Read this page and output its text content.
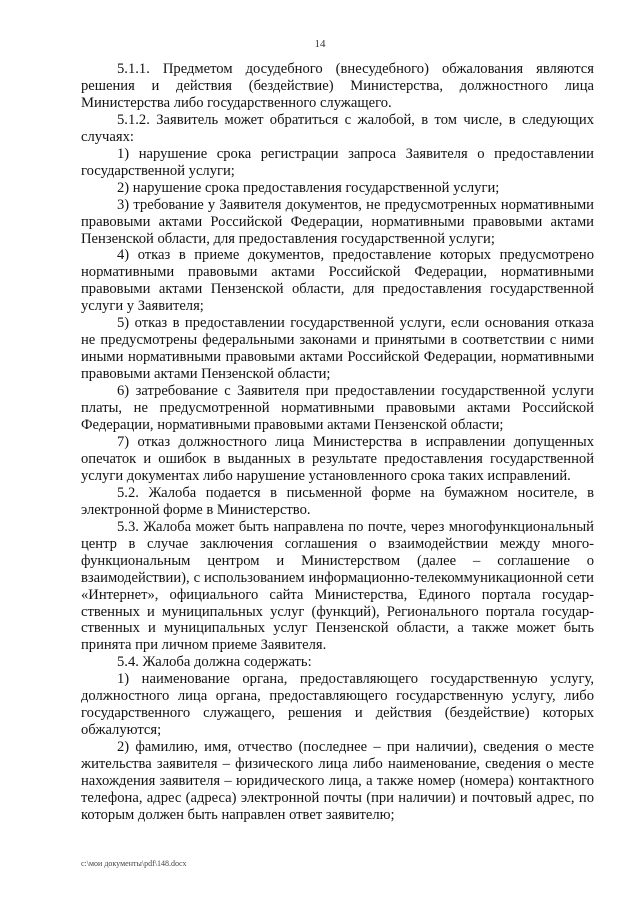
14

5.1.1. Предметом досудебного (внесудебного) обжалования являются решения и действия (бездействие) Министерства, должностного лица Министерства либо государственного служащего.

5.1.2. Заявитель может обратиться с жалобой, в том числе, в следующих случаях:

1) нарушение срока регистрации запроса Заявителя о предоставлении государственной услуги;

2) нарушение срока предоставления государственной услуги;

3) требование у Заявителя документов, не предусмотренных нормативными правовыми актами Российской Федерации, нормативными правовыми актами Пензенской области, для предоставления государственной услуги;

4) отказ в приеме документов, предоставление которых предусмотрено нормативными правовыми актами Российской Федерации, нормативными правовыми актами Пензенской области, для предоставления государственной услуги у Заявителя;

5) отказ в предоставлении государственной услуги, если основания отказа не предусмотрены федеральными законами и принятыми в соответствии с ними иными нормативными правовыми актами Российской Федерации, нормативными правовыми актами Пензенской области;

6) затребование с Заявителя при предоставлении государственной услуги платы, не предусмотренной нормативными правовыми актами Российской Федерации, нормативными правовыми актами Пензенской области;

7) отказ должностного лица Министерства в исправлении допущенных опечаток и ошибок в выданных в результате предоставления государственной услуги документах либо нарушение установленного срока таких исправлений.

5.2. Жалоба подается в письменной форме на бумажном носителе, в электронной форме в Министерство.

5.3. Жалоба может быть направлена по почте, через многофункциональный центр в случае заключения соглашения о взаимодействии между много-функциональным центром и Министерством (далее – соглашение о взаимодействии), с использованием информационно-телекоммуникационной сети «Интернет», официального сайта Министерства, Единого портала государ-ственных и муниципальных услуг (функций), Регионального портала государ-ственных и муниципальных услуг Пензенской области, а также может быть принята при личном приеме Заявителя.

5.4. Жалоба должна содержать:

1) наименование органа, предоставляющего государственную услугу, должностного лица органа, предоставляющего государственную услугу, либо государственного служащего, решения и действия (бездействие) которых обжалуются;

2) фамилию, имя, отчество (последнее – при наличии), сведения о месте жительства заявителя – физического лица либо наименование, сведения о месте нахождения заявителя – юридического лица, а также номер (номера) контактного телефона, адрес (адреса) электронной почты (при наличии) и почтовый адрес, по которым должен быть направлен ответ заявителю;

c:\мои документы\pdf\148.docx
